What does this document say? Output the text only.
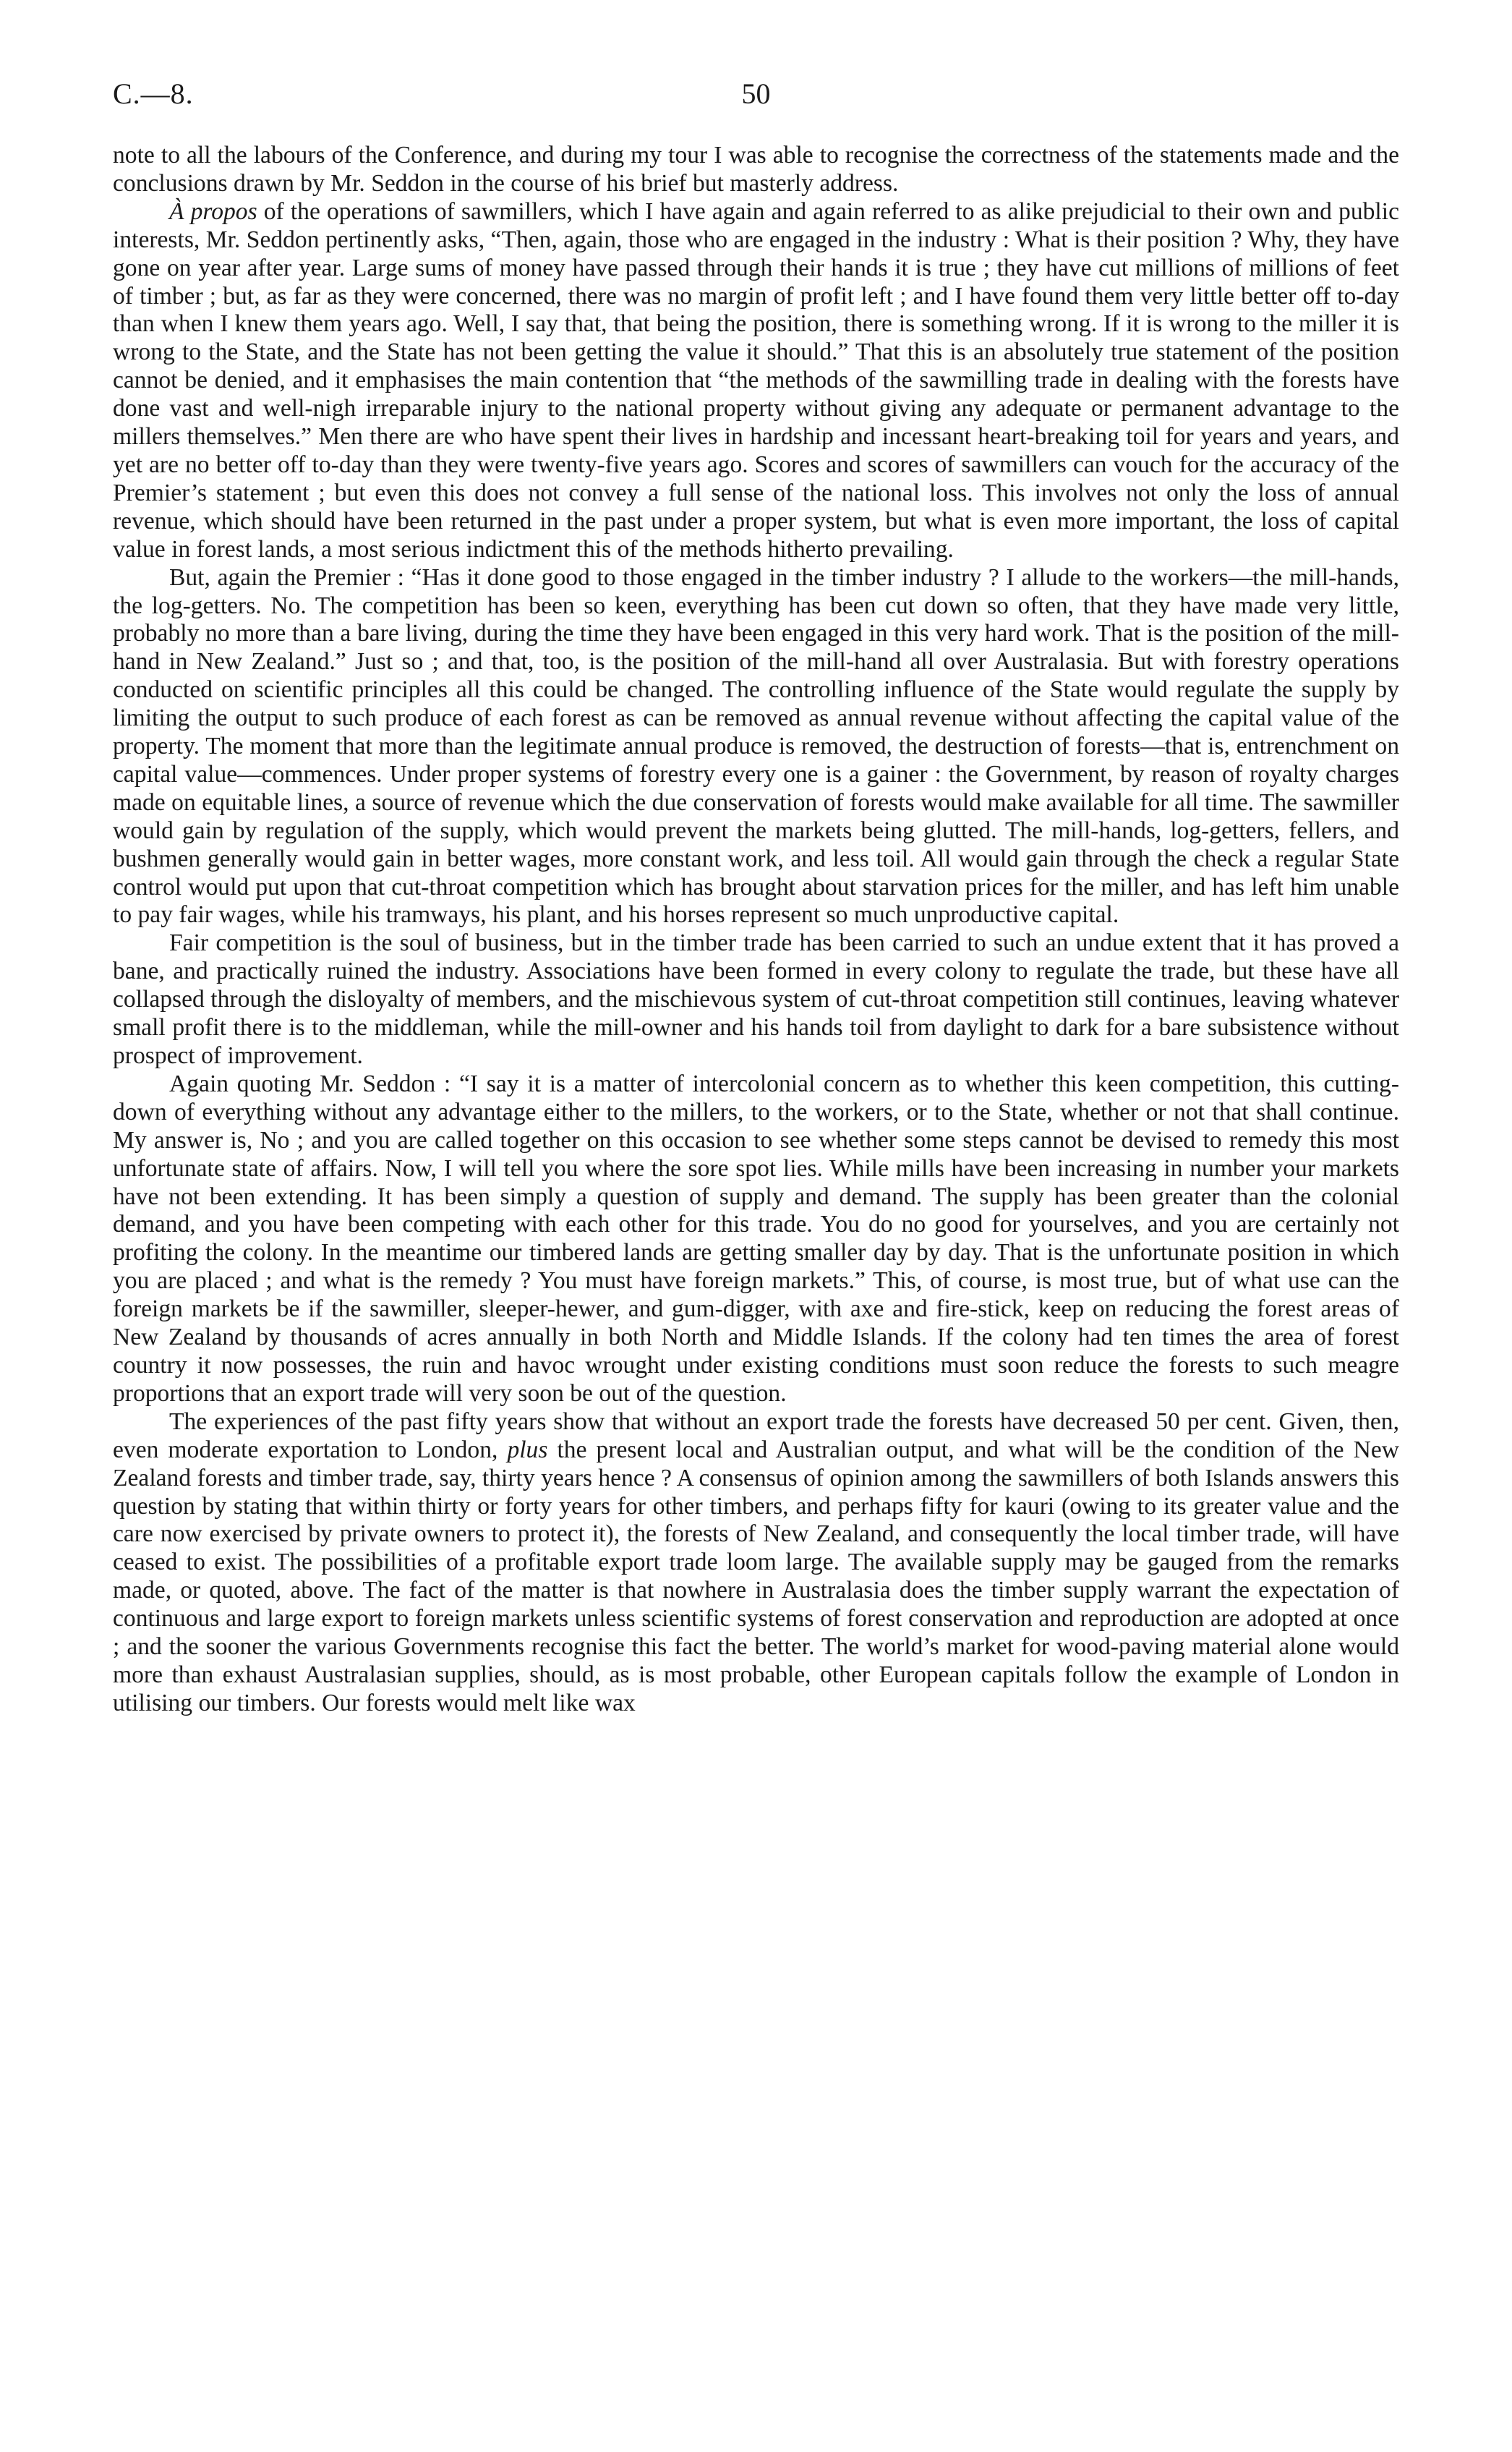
C.—8.	50

note to all the labours of the Conference, and during my tour I was able to recognise the correctness of the statements made and the conclusions drawn by Mr. Seddon in the course of his brief but masterly address.

À propos of the operations of sawmillers, which I have again and again referred to as alike prejudicial to their own and public interests, Mr. Seddon pertinently asks, “Then, again, those who are engaged in the industry : What is their position ? Why, they have gone on year after year. Large sums of money have passed through their hands it is true ; they have cut millions of millions of feet of timber ; but, as far as they were concerned, there was no margin of profit left ; and I have found them very little better off to-day than when I knew them years ago. Well, I say that, that being the position, there is something wrong. If it is wrong to the miller it is wrong to the State, and the State has not been getting the value it should.” That this is an absolutely true statement of the position cannot be denied, and it emphasises the main contention that “the methods of the sawmilling trade in dealing with the forests have done vast and well-nigh irreparable injury to the national property without giving any adequate or permanent advantage to the millers themselves.” Men there are who have spent their lives in hardship and incessant heart-breaking toil for years and years, and yet are no better off to-day than they were twenty-five years ago. Scores and scores of sawmillers can vouch for the accuracy of the Premier’s statement ; but even this does not convey a full sense of the national loss. This involves not only the loss of annual revenue, which should have been returned in the past under a proper system, but what is even more important, the loss of capital value in forest lands, a most serious indictment this of the methods hitherto prevailing.

But, again the Premier : “Has it done good to those engaged in the timber industry ? I allude to the workers—the mill-hands, the log-getters. No. The competition has been so keen, everything has been cut down so often, that they have made very little, probably no more than a bare living, during the time they have been engaged in this very hard work. That is the position of the mill-hand in New Zealand.” Just so ; and that, too, is the position of the mill-hand all over Australasia. But with forestry operations conducted on scientific principles all this could be changed. The controlling influence of the State would regulate the supply by limiting the output to such produce of each forest as can be removed as annual revenue without affecting the capital value of the property. The moment that more than the legitimate annual produce is removed, the destruction of forests—that is, entrenchment on capital value—commences. Under proper systems of forestry every one is a gainer : the Government, by reason of royalty charges made on equitable lines, a source of revenue which the due conservation of forests would make available for all time. The sawmiller would gain by regulation of the supply, which would prevent the markets being glutted. The mill-hands, log-getters, fellers, and bushmen generally would gain in better wages, more constant work, and less toil. All would gain through the check a regular State control would put upon that cut-throat competition which has brought about starvation prices for the miller, and has left him unable to pay fair wages, while his tramways, his plant, and his horses represent so much unproductive capital.

Fair competition is the soul of business, but in the timber trade has been carried to such an undue extent that it has proved a bane, and practically ruined the industry. Associations have been formed in every colony to regulate the trade, but these have all collapsed through the disloyalty of members, and the mischievous system of cut-throat competition still continues, leaving whatever small profit there is to the middleman, while the mill-owner and his hands toil from daylight to dark for a bare subsistence without prospect of improvement.

Again quoting Mr. Seddon : “I say it is a matter of intercolonial concern as to whether this keen competition, this cutting-down of everything without any advantage either to the millers, to the workers, or to the State, whether or not that shall continue. My answer is, No ; and you are called together on this occasion to see whether some steps cannot be devised to remedy this most unfortunate state of affairs. Now, I will tell you where the sore spot lies. While mills have been increasing in number your markets have not been extending. It has been simply a question of supply and demand. The supply has been greater than the colonial demand, and you have been competing with each other for this trade. You do no good for yourselves, and you are certainly not profiting the colony. In the meantime our timbered lands are getting smaller day by day. That is the unfortunate position in which you are placed ; and what is the remedy ? You must have foreign markets.” This, of course, is most true, but of what use can the foreign markets be if the sawmiller, sleeper-hewer, and gum-digger, with axe and fire-stick, keep on reducing the forest areas of New Zealand by thousands of acres annually in both North and Middle Islands. If the colony had ten times the area of forest country it now possesses, the ruin and havoc wrought under existing conditions must soon reduce the forests to such meagre proportions that an export trade will very soon be out of the question.

The experiences of the past fifty years show that without an export trade the forests have decreased 50 per cent. Given, then, even moderate exportation to London, plus the present local and Australian output, and what will be the condition of the New Zealand forests and timber trade, say, thirty years hence ? A consensus of opinion among the sawmillers of both Islands answers this question by stating that within thirty or forty years for other timbers, and perhaps fifty for kauri (owing to its greater value and the care now exercised by private owners to protect it), the forests of New Zealand, and consequently the local timber trade, will have ceased to exist. The possibilities of a profitable export trade loom large. The available supply may be gauged from the remarks made, or quoted, above. The fact of the matter is that nowhere in Australasia does the timber supply warrant the expectation of continuous and large export to foreign markets unless scientific systems of forest conservation and reproduction are adopted at once ; and the sooner the various Governments recognise this fact the better. The world’s market for wood-paving material alone would more than exhaust Australasian supplies, should, as is most probable, other European capitals follow the example of London in utilising our timbers. Our forests would melt like wax
